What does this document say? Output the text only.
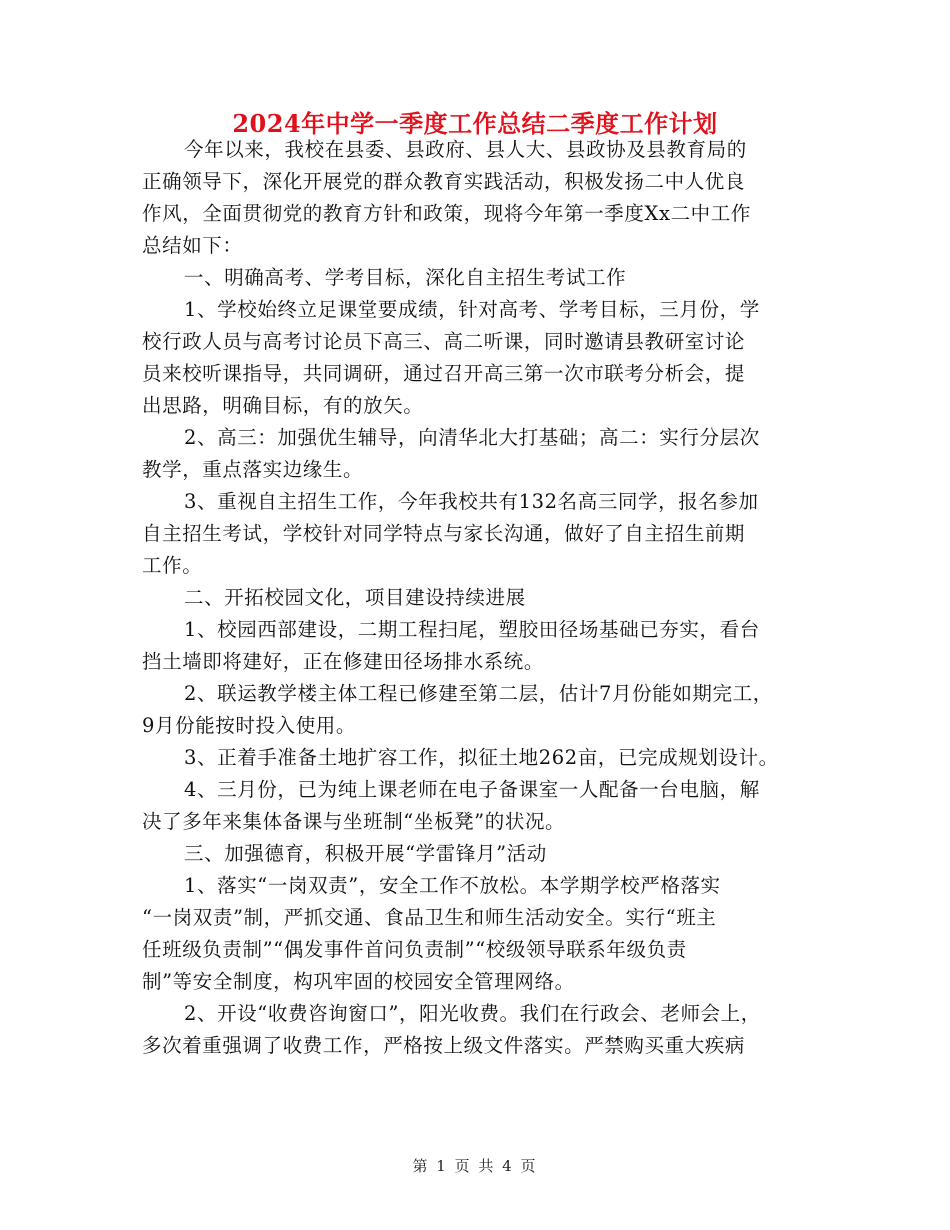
2024年中学一季度工作总结二季度工作计划
今年以来，我校在县委、县政府、县人大、县政协及县教育局的
正确领导下，深化开展党的群众教育实践活动，积极发扬二中人优良
作风，全面贯彻党的教育方针和政策，现将今年第一季度Xx二中工作
总结如下：
一、明确高考、学考目标，深化自主招生考试工作
1、学校始终立足课堂要成绩，针对高考、学考目标，三月份，学
校行政人员与高考讨论员下高三、高二听课，同时邀请县教研室讨论
员来校听课指导，共同调研，通过召开高三第一次市联考分析会，提
出思路，明确目标，有的放矢。
2、高三：加强优生辅导，向清华北大打基础；高二：实行分层次
教学，重点落实边缘生。
3、重视自主招生工作，今年我校共有132名高三同学，报名参加
自主招生考试，学校针对同学特点与家长沟通，做好了自主招生前期
工作。
二、开拓校园文化，项目建设持续进展
1、校园西部建设，二期工程扫尾，塑胶田径场基础已夯实，看台
挡土墙即将建好，正在修建田径场排水系统。
2、联运教学楼主体工程已修建至第二层，估计7月份能如期完工，
9月份能按时投入使用。
3、正着手准备土地扩容工作，拟征土地262亩，已完成规划设计。
4、三月份，已为纯上课老师在电子备课室一人配备一台电脑，解
决了多年来集体备课与坐班制“坐板凳”的状况。
三、加强德育，积极开展“学雷锋月”活动
1、落实“一岗双责”，安全工作不放松。本学期学校严格落实
“一岗双责”制，严抓交通、食品卫生和师生活动安全。实行“班主
任班级负责制”“偶发事件首问负责制”“校级领导联系年级负责
制”等安全制度，构巩牢固的校园安全管理网络。
2、开设“收费咨询窗口”，阳光收费。我们在行政会、老师会上，
多次着重强调了收费工作，严格按上级文件落实。严禁购买重大疾病
第 1 页 共 4 页
